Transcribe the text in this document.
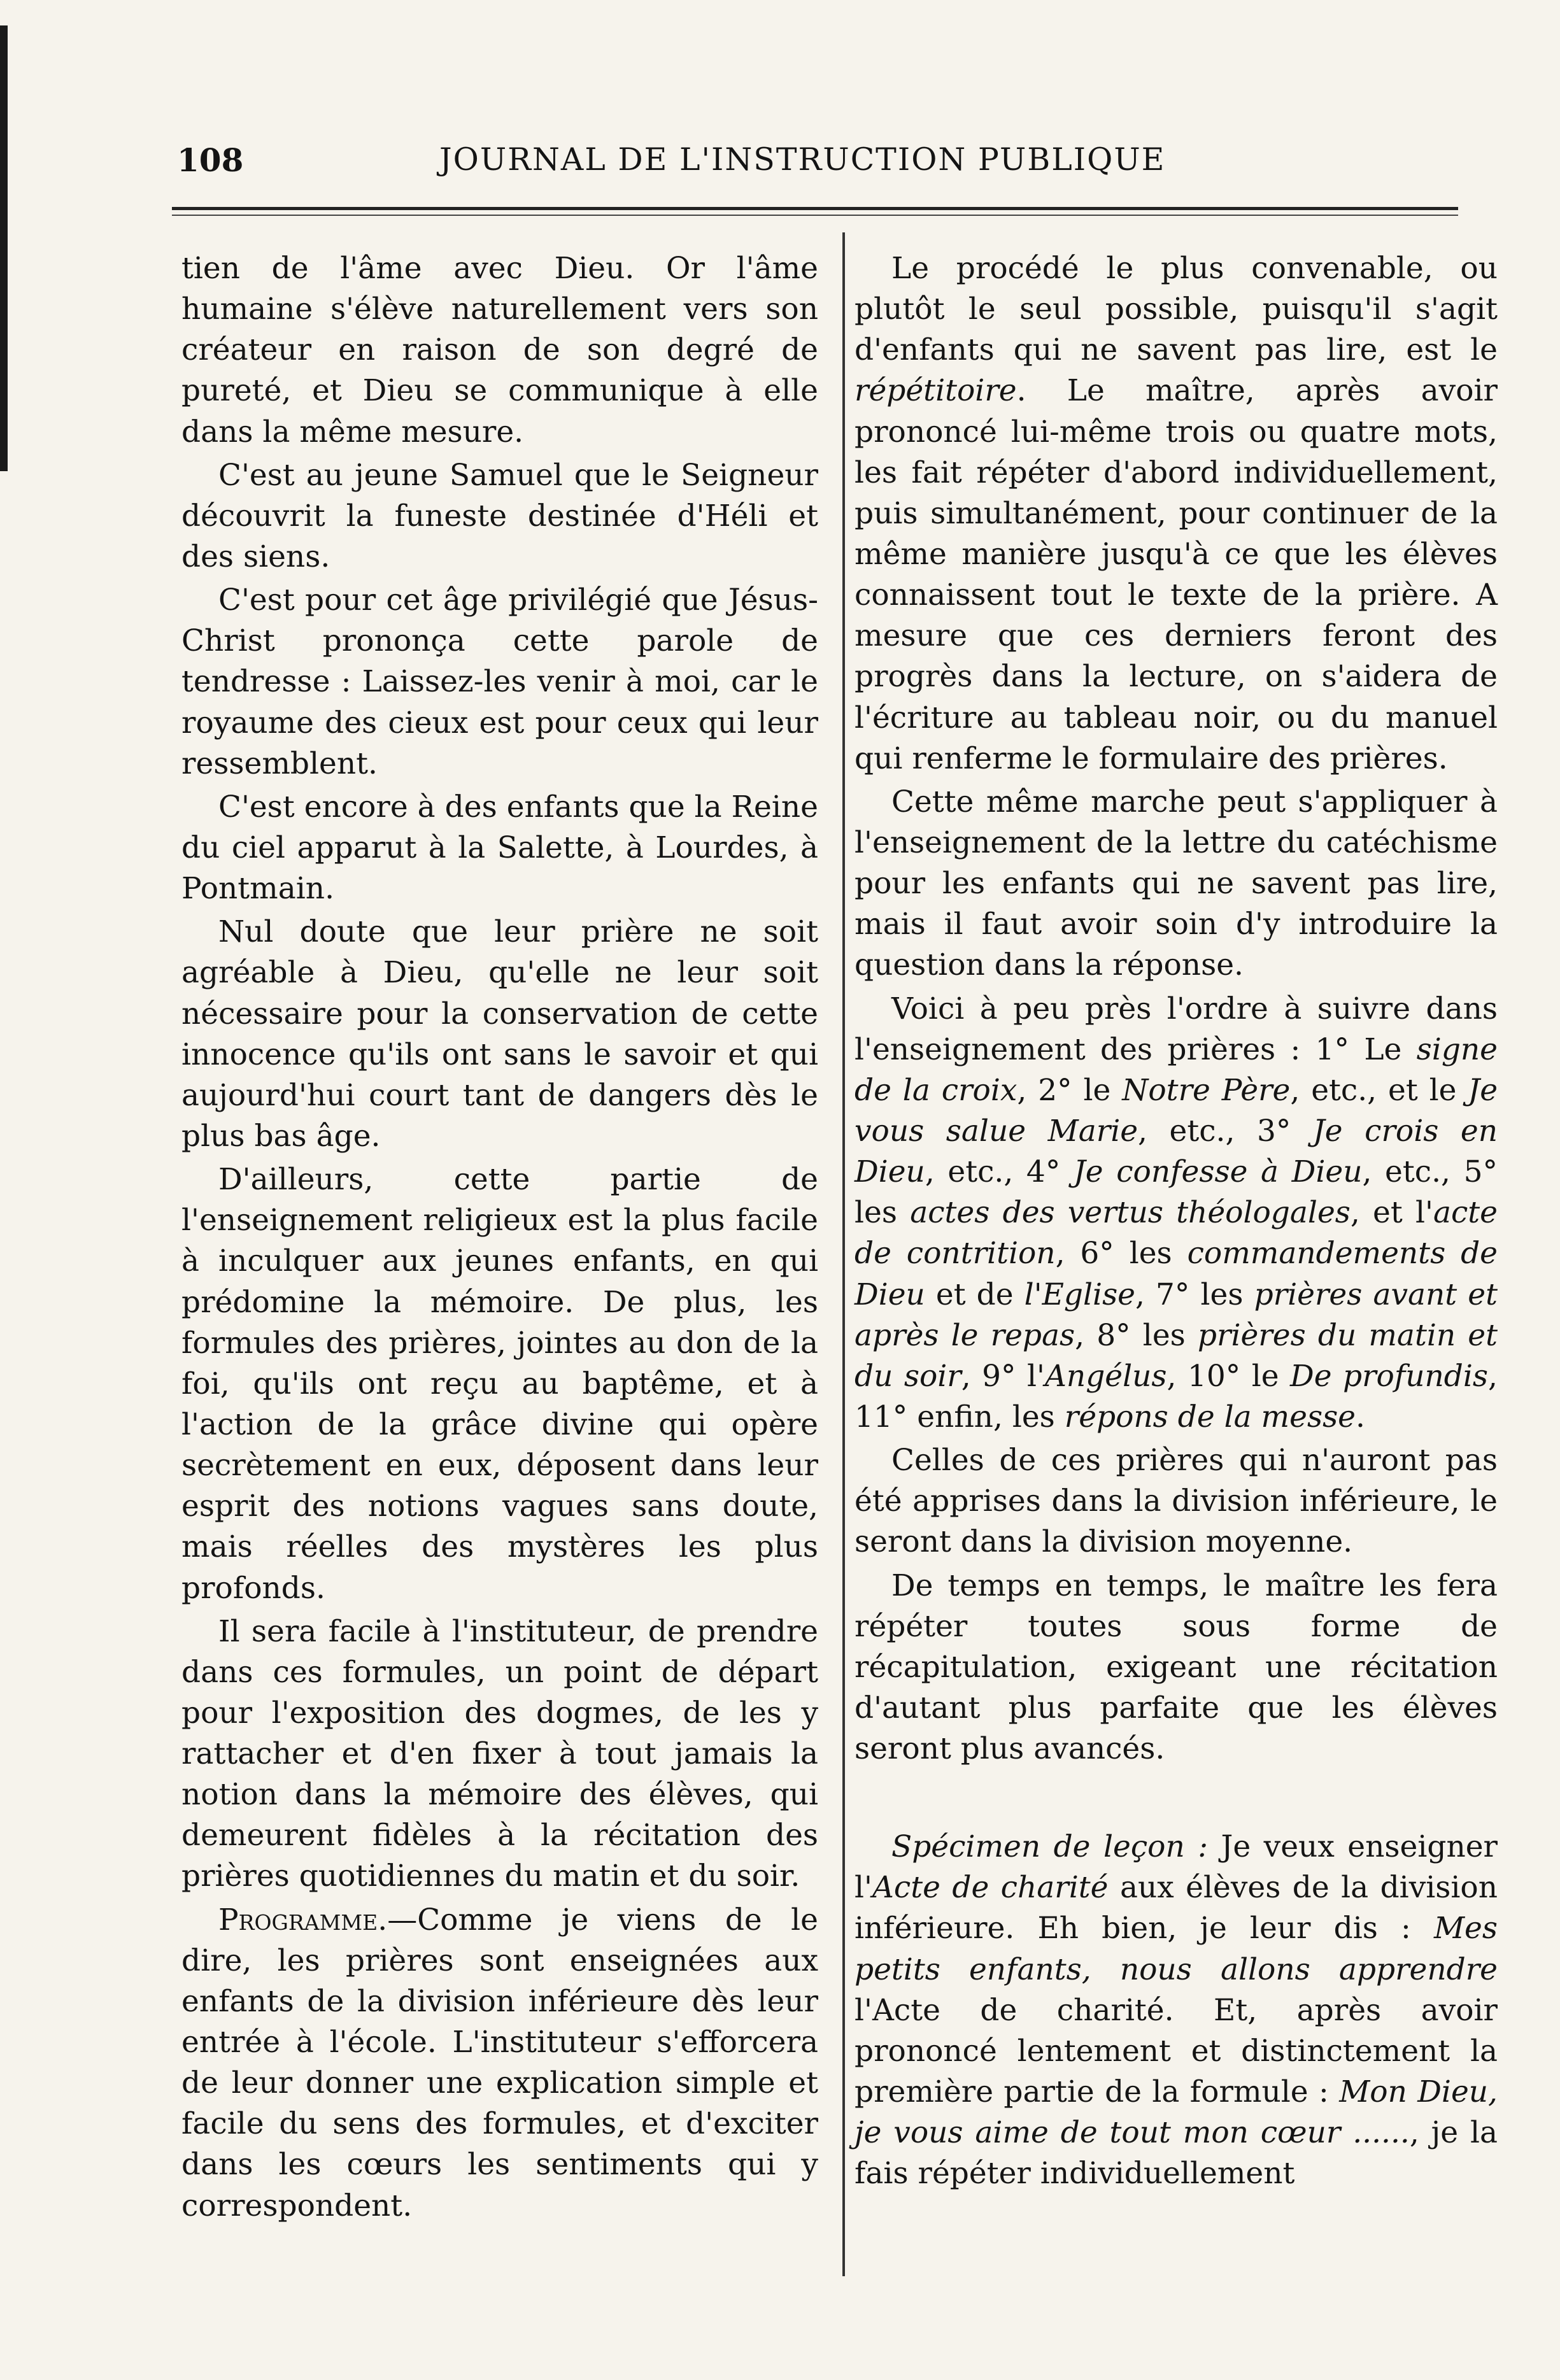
108	JOURNAL DE L'INSTRUCTION PUBLIQUE

tien de l'âme avec Dieu. Or l'âme humaine s'élève naturellement vers son créateur en raison de son degré de pureté, et Dieu se communique à elle dans la même mesure.

C'est au jeune Samuel que le Seigneur découvrit la funeste destinée d'Héli et des siens.

C'est pour cet âge privilégié que Jésus-Christ prononça cette parole de tendresse : Laissez-les venir à moi, car le royaume des cieux est pour ceux qui leur ressemblent.

C'est encore à des enfants que la Reine du ciel apparut à la Salette, à Lourdes, à Pontmain.

Nul doute que leur prière ne soit agréable à Dieu, qu'elle ne leur soit nécessaire pour la conservation de cette innocence qu'ils ont sans le savoir et qui aujourd'hui court tant de dangers dès le plus bas âge.

D'ailleurs, cette partie de l'enseignement religieux est la plus facile à inculquer aux jeunes enfants, en qui prédomine la mémoire. De plus, les formules des prières, jointes au don de la foi, qu'ils ont reçu au baptême, et à l'action de la grâce divine qui opère secrètement en eux, déposent dans leur esprit des notions vagues sans doute, mais réelles des mystères les plus profonds.

Il sera facile à l'instituteur, de prendre dans ces formules, un point de départ pour l'exposition des dogmes, de les y rattacher et d'en fixer à tout jamais la notion dans la mémoire des élèves, qui demeurent fidèles à la récitation des prières quotidiennes du matin et du soir.

Programme.—Comme je viens de le dire, les prières sont enseignées aux enfants de la division inférieure dès leur entrée à l'école. L'instituteur s'efforcera de leur donner une explication simple et facile du sens des formules, et d'exciter dans les cœurs les sentiments qui y correspondent.

Le procédé le plus convenable, ou plutôt le seul possible, puisqu'il s'agit d'enfants qui ne savent pas lire, est le répétitoire. Le maître, après avoir prononcé lui-même trois ou quatre mots, les fait répéter d'abord individuellement, puis simultanément, pour continuer de la même manière jusqu'à ce que les élèves connaissent tout le texte de la prière. A mesure que ces derniers feront des progrès dans la lecture, on s'aidera de l'écriture au tableau noir, ou du manuel qui renferme le formulaire des prières.

Cette même marche peut s'appliquer à l'enseignement de la lettre du catéchisme pour les enfants qui ne savent pas lire, mais il faut avoir soin d'y introduire la question dans la réponse.

Voici à peu près l'ordre à suivre dans l'enseignement des prières : 1° Le signe de la croix, 2° le Notre Père, etc., et le Je vous salue Marie, etc., 3° Je crois en Dieu, etc., 4° Je confesse à Dieu, etc., 5° les actes des vertus théologales, et l'acte de contrition, 6° les commandements de Dieu et de l'Eglise, 7° les prières avant et après le repas, 8° les prières du matin et du soir, 9° l'Angélus, 10° le De profundis, 11° enfin, les répons de la messe.

Celles de ces prières qui n'auront pas été apprises dans la division inférieure, le seront dans la division moyenne.

De temps en temps, le maître les fera répéter toutes sous forme de récapitulation, exigeant une récitation d'autant plus parfaite que les élèves seront plus avancés.

Spécimen de leçon : Je veux enseigner l'Acte de charité aux élèves de la division inférieure. Eh bien, je leur dis : Mes petits enfants, nous allons apprendre l'Acte de charité. Et, après avoir prononcé lentement et distinctement la première partie de la formule : Mon Dieu, je vous aime de tout mon cœur ......, je la fais répéter individuellement
